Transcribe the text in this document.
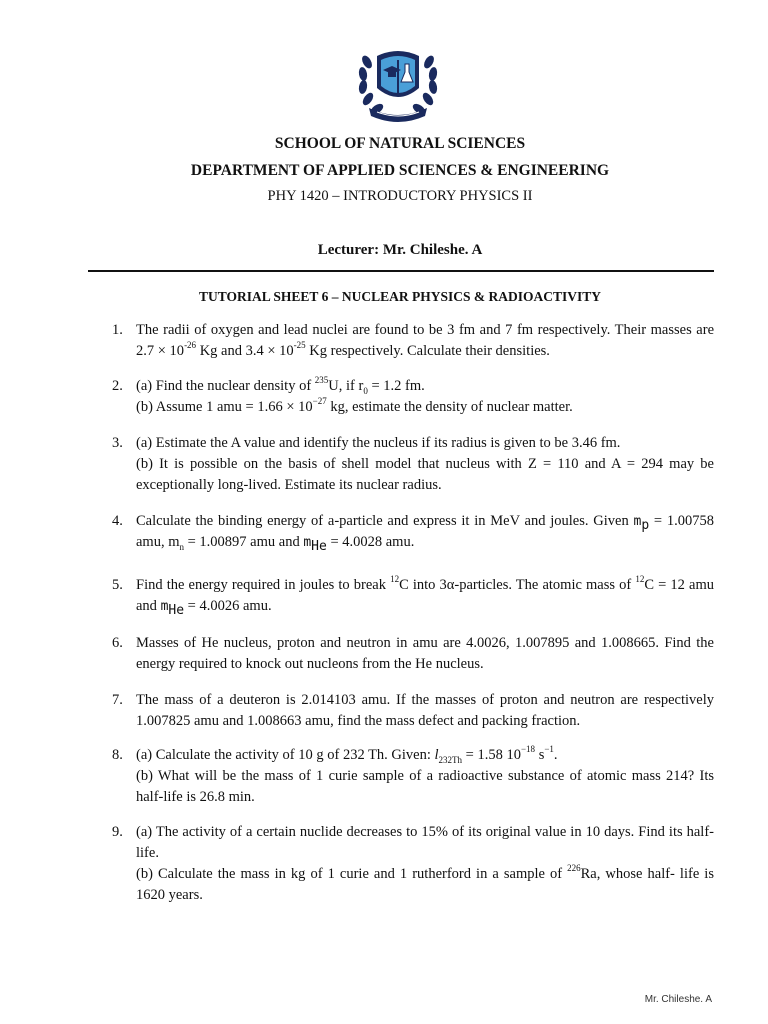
SCHOOL OF NATURAL SCIENCES
DEPARTMENT OF APPLIED SCIENCES & ENGINEERING
PHY 1420 – INTRODUCTORY PHYSICS II
Lecturer: Mr. Chileshe. A
TUTORIAL SHEET 6 – NUCLEAR PHYSICS & RADIOACTIVITY
1. The radii of oxygen and lead nuclei are found to be 3 fm and 7 fm respectively. Their masses are $2.7 \times 10^{-26}$ Kg and $3.4 \times 10^{-25}$ Kg respectively. Calculate their densities.

2. (a) Find the nuclear density of $^{235}$U, if $r_0 = 1.2$ fm.

(b) Assume 1 amu = $1.66 \times 10^{-27}$ kg, estimate the density of nuclear matter.

3. (a) Estimate the A value and identify the nucleus if its radius is given to be 3.46 fm.

(b) It is possible on the basis of shell model that nucleus with Z = 110 and A = 294 may be exceptionally long-lived. Estimate its nuclear radius.

4. Calculate the binding energy of a-particle and express it in MeV and joules. Given $m_p = 1.00758$ amu, $m_n = 1.00897$ amu and $m_{He} = 4.0028$ amu.

5. Find the energy required in joules to break $^{12}$C into 3α-particles. The atomic mass of $^{12}$C = 12 amu and $m_{He} = 4.0026$ amu.

6. Masses of He nucleus, proton and neutron in amu are 4.0026, 1.007895 and 1.008665. Find the energy required to knock out nucleons from the He nucleus.

7. The mass of a deuteron is 2.014103 amu. If the masses of proton and neutron are respectively 1.007825 amu and 1.008663 amu, find the mass defect and packing fraction.

8. (a) Calculate the activity of 10 g of 232 Th. Given: $l_{232Th} = 1.58$ $10^{-18}$ $s^{-1}$.

(b) What will be the mass of 1 curie sample of a radioactive substance of atomic mass 214? Its half-life is 26.8 min.

9. (a) The activity of a certain nuclide decreases to 15% of its original value in 10 days. Find its half-life.

(b) Calculate the mass in kg of 1 curie and 1 rutherford in a sample of $^{226}$Ra, whose half- life is 1620 years.

Mr. Chileshe. A
